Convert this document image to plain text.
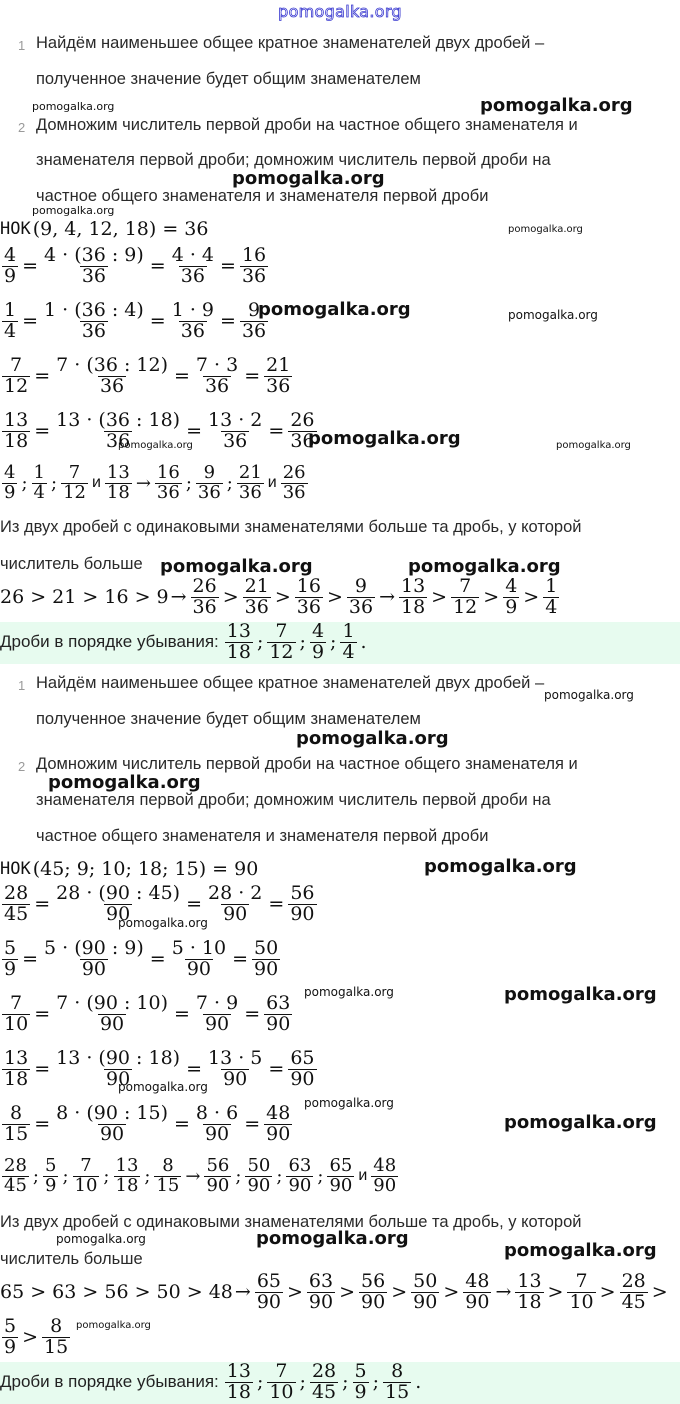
pomogalka.org
1 Найдём наименьшее общее кратное знаменателей двух дробей –
полученное значение будет общим знаменателем
2 Домножим числитель первой дроби на частное общего знаменателя и
знаменателя первой дроби; домножим числитель первой дроби на
частное общего знаменателя и знаменателя первой дроби
НОК (9, 4, 12, 18) = 36
$\frac{4}{9} = \frac{4 \cdot (36 : 9)}{36} = \frac{4 \cdot 4}{36} = \frac{16}{36}$
$\frac{1}{4} = \frac{1 \cdot (36 : 4)}{36} = \frac{1 \cdot 9}{36} = \frac{9}{36}$
$\frac{7}{12} = \frac{7 \cdot (36 : 12)}{36} = \frac{7 \cdot 3}{36} = \frac{21}{36}$
$\frac{13}{18} = \frac{13 \cdot (36 : 18)}{36} = \frac{13 \cdot 2}{36} = \frac{26}{36}$
4
9 ;
1
4 ;
7
12 и 13
18 →
16
36 ;
9
36 ;
21
36 и 26
36
Из двух дробей с одинаковыми знаменателями больше та дробь, у которой
числитель больше
26 > 21 > 16 > 9 →
26
36 >
21
36 >
16
36 >
9
36 →
13
18 >
7
12 >
4
9 >
1
4
Дроби в порядке убывания: 13
18 ;
7
12 ;
4
9 ;
1
4 .
1 Найдём наименьшее общее кратное знаменателей двух дробей –
полученное значение будет общим знаменателем
2 Домножим числитель первой дроби на частное общего знаменателя и
знаменателя первой дроби; домножим числитель первой дроби на
частное общего знаменателя и знаменателя первой дроби
НОК (45; 9; 10; 18; 15) = 90
$\frac{28}{45} = \frac{28 \cdot (90 : 45)}{90} = \frac{28 \cdot 2}{90} = \frac{56}{90}$
$\frac{5}{9} = \frac{5 \cdot (90 : 9)}{90} = \frac{5 \cdot 10}{90} = \frac{50}{90}$
$\frac{7}{10} = \frac{7 \cdot (90 : 10)}{90} = \frac{7 \cdot 9}{90} = \frac{63}{90}$
$\frac{13}{18} = \frac{13 \cdot (90 : 18)}{90} = \frac{13 \cdot 5}{90} = \frac{65}{90}$
$\frac{8}{15} = \frac{8 \cdot (90 : 15)}{90} = \frac{8 \cdot 6}{90} = \frac{48}{90}$
28
45 ;
5
9 ;
7
10 ;
13
18 ;
8
15 →
56
90 ;
50
90 ;
63
90 ;
65
90 и 48
90
Из двух дробей с одинаковыми знаменателями больше та дробь, у которой
числитель больше
65 > 63 > 56 > 50 > 48 →
65
90 >
63
90 >
56
90 >
50
90 >
48
90 →
13
18 >
7
10 >
28
45 >
5
9 >
8
15
Дроби в порядке убывания: 13
18 ;
7
10 ;
28
45 ;
5
9 ;
8
15 .
pomogalka.org	pomogalka.org
pomogalka.org
pomogalka.org
pomogalka.org
pomogalka.org	pomogalka.org
pomogalka.org	pomogalka.org	pomogalka.org
pomogalka.org	pomogalka.org
pomogalka.org
pomogalka.org
pomogalka.org
pomogalka.org
pomogalka.org
pomogalka.org	pomogalka.org
pomogalka.org
pomogalka.org
pomogalka.org
pomogalka.org	pomogalka.org
pomogalka.org
pomogalka.org
